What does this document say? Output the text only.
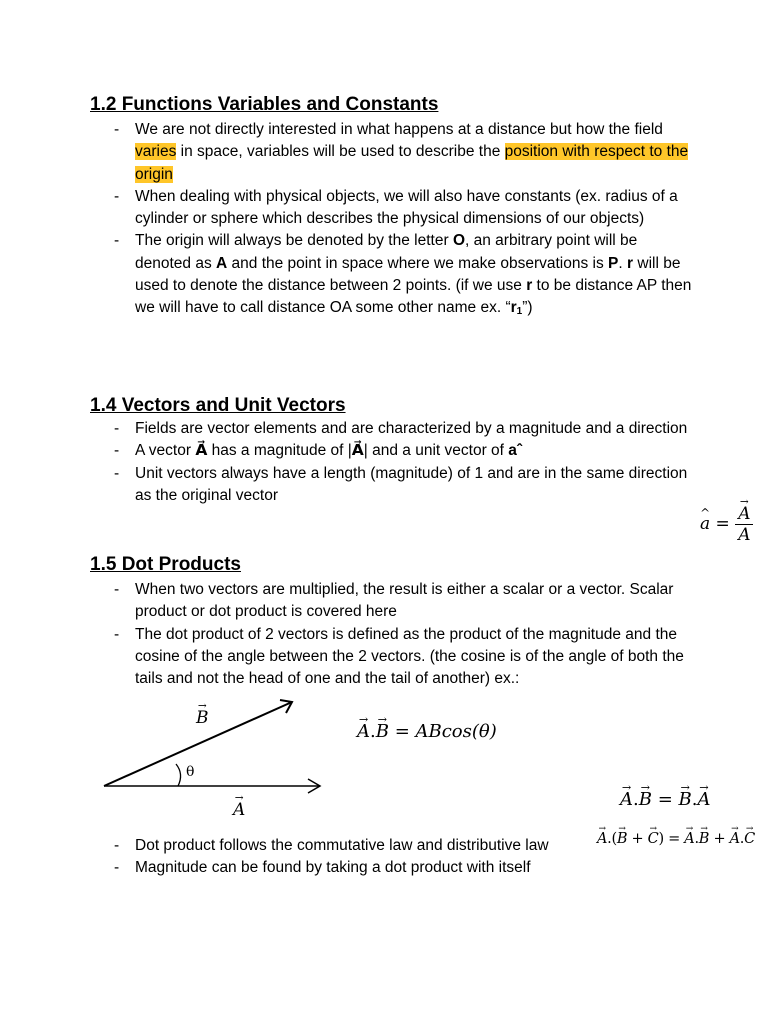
1.2 Functions Variables and Constants
- We are not directly interested in what happens at a distance but how the field varies in space, variables will be used to describe the position with respect to the origin
- When dealing with physical objects, we will also have constants (ex. radius of a cylinder or sphere which describes the physical dimensions of our objects)
- The origin will always be denoted by the letter O, an arbitrary point will be denoted as A and the point in space where we make observations is P. r will be used to denote the distance between 2 points. (if we use r to be distance AP then we will have to call distance OA some other name ex. “$r_1$”)
1.4 Vectors and Unit Vectors
- Fields are vector elements and are characterized by a magnitude and a direction
- A vector A⃗ has a magnitude of |A⃗| and a unit vector of aˆ
- Unit vectors always have a length (magnitude) of 1 and are in the same direction as the original vector
a ^ = $\frac{A \to}{A}$
1.5 Dot Products
- When two vectors are multiplied, the result is either a scalar or a vector. Scalar product or dot product is covered here
- The dot product of 2 vectors is defined as the product of the magnitude and the cosine of the angle between the 2 vectors. (the cosine is of the angle of both the tails and not the head of one and the tail of another) ex.:
B →
θ
A →
A →.B → = ABcos(θ)
A →.B → = B →.A →
- Dot product follows the commutative law and distributive law
- Magnitude can be found by taking a dot product with itself
A →.(B → + C →) = A →.B → + A →.C →
